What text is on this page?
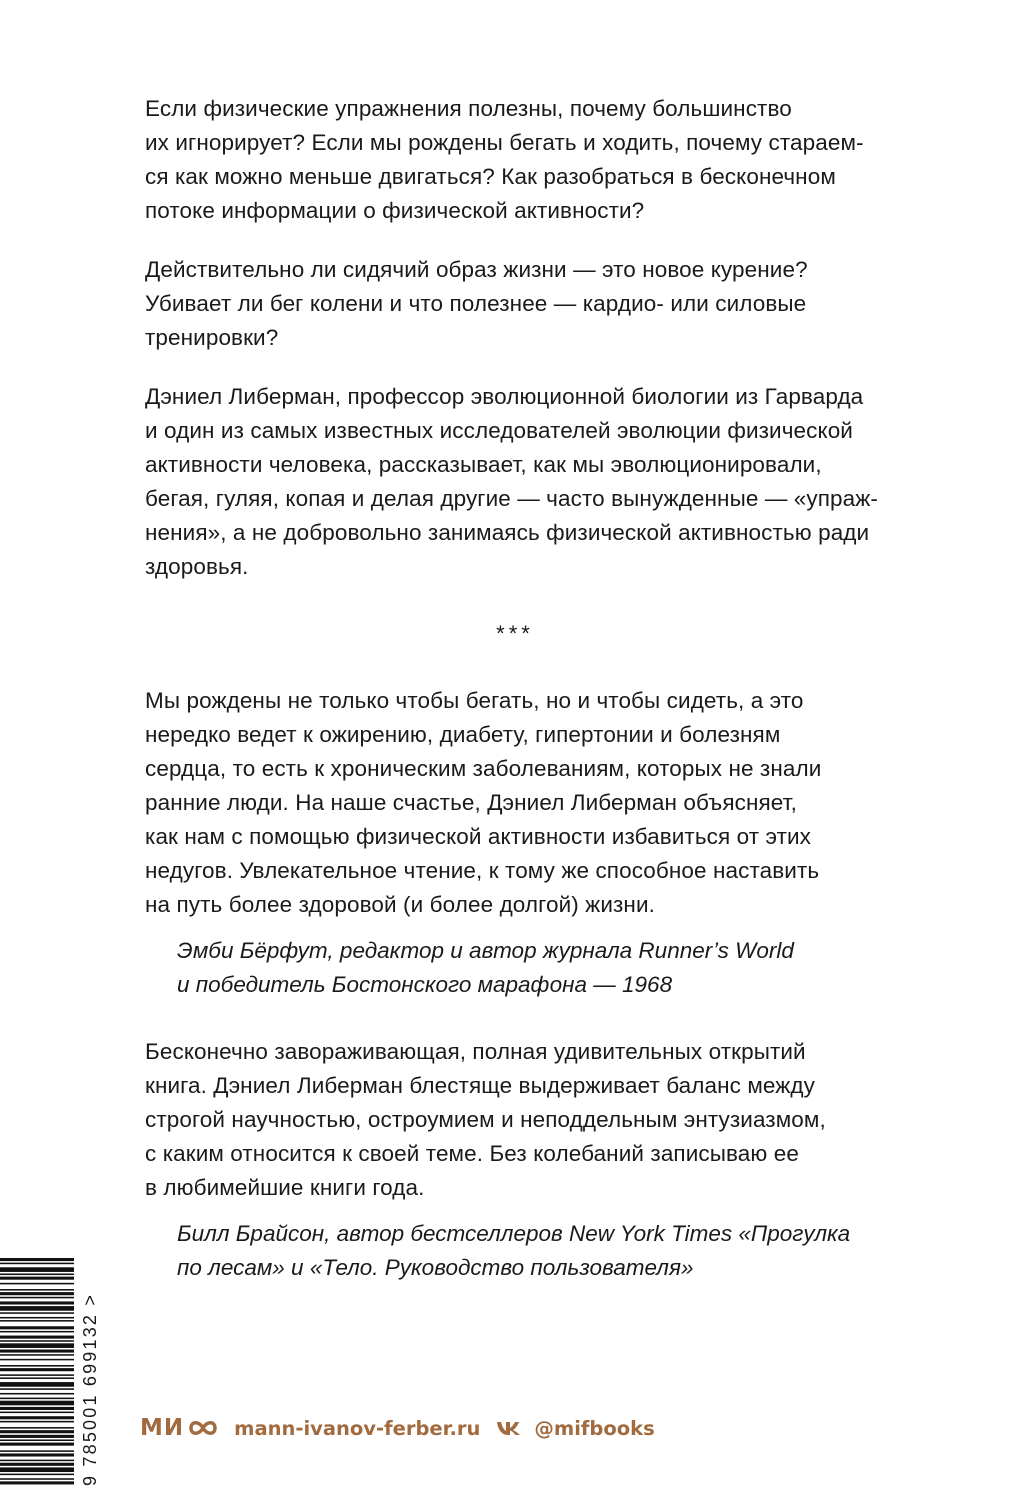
Если физические упражнения полезны, почему большинство
их игнорирует? Если мы рождены бегать и ходить, почему стараем-
ся как можно меньше двигаться? Как разобраться в бесконечном
потоке информации о физической активности?

Действительно ли сидячий образ жизни — это новое курение?
Убивает ли бег колени и что полезнее — кардио- или силовые
тренировки?

Дэниел Либерман, профессор эволюционной биологии из Гарварда
и один из самых известных исследователей эволюции физической
активности человека, рассказывает, как мы эволюционировали,
бегая, гуляя, копая и делая другие — часто вынужденные — «упраж-
нения», а не добровольно занимаясь физической активностью ради
здоровья.

***

Мы рождены не только чтобы бегать, но и чтобы сидеть, а это
нередко ведет к ожирению, диабету, гипертонии и болезням
сердца, то есть к хроническим заболеваниям, которых не знали
ранние люди. На наше счастье, Дэниел Либерман объясняет,
как нам с помощью физической активности избавиться от этих
недугов. Увлекательное чтение, к тому же способное наставить
на путь более здоровой (и более долгой) жизни.

Эмби Бёрфут, редактор и автор журнала Runner’s World
и победитель Бостонского марафона — 1968

Бесконечно завораживающая, полная удивительных открытий
книга. Дэниел Либерман блестяще выдерживает баланс между
строгой научностью, остроумием и неподдельным энтузиазмом,
с каким относится к своей теме. Без колебаний записываю ее
в любимейшие книги года.

Билл Брайсон, автор бестселлеров New York Times «Прогулка
по лесам» и «Тело. Руководство пользователя»

9 785001 699132 > МИ	mann-ivanov-ferber.ru	@mifbooks
